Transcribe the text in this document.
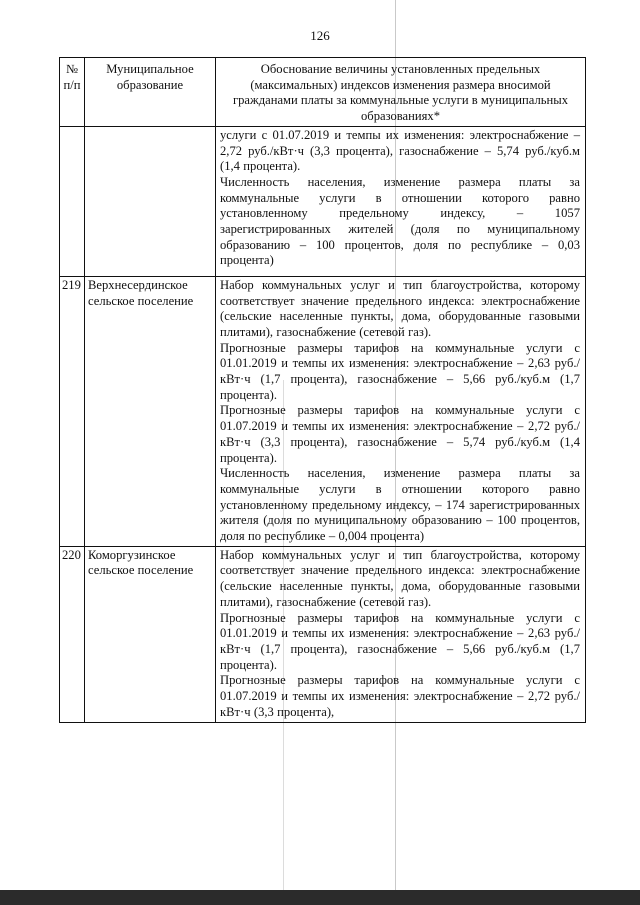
126
№ п/п	Муниципальное образование	Обоснование величины установленных предельных (максимальных) индексов изменения размера вносимой гражданами платы за коммунальные услуги в муниципальных образованиях*

		услуги с 01.07.2019 и темпы их изменения: электроснабжение – 2,72 руб./кВт·ч (3,3 процента), газоснабжение – 5,74 руб./куб.м (1,4 процента).
Численность населения, изменение размера платы за коммунальные услуги в отношении которого равно установленному предельному индексу, – 1057 зарегистрированных жителей (доля по муниципальному образованию – 100 процентов, доля по республике – 0,03 процента)

219	Верхнесердинское сельское поселение	Набор коммунальных услуг и тип благоустройства, которому соответствует значение предельного индекса: электроснабжение (сельские населенные пункты, дома, оборудованные газовыми плитами), газоснабжение (сетевой газ).
Прогнозные размеры тарифов на коммунальные услуги с 01.01.2019 и темпы их изменения: электроснабжение – 2,63 руб./кВт·ч (1,7 процента), газоснабжение – 5,66 руб./куб.м (1,7 процента).
Прогнозные размеры тарифов на коммунальные услуги с 01.07.2019 и темпы их изменения: электроснабжение – 2,72 руб./кВт·ч (3,3 процента), газоснабжение – 5,74 руб./куб.м (1,4 процента).
Численность населения, изменение размера платы за коммунальные услуги в отношении которого равно установленному предельному индексу, – 174 зарегистрированных жителя (доля по муниципальному образованию – 100 процентов, доля по республике – 0,004 процента)

220	Коморгузинское сельское поселение	Набор коммунальных услуг и тип благоустройства, которому соответствует значение предельного индекса: электроснабжение (сельские населенные пункты, дома, оборудованные газовыми плитами), газоснабжение (сетевой газ).
Прогнозные размеры тарифов на коммунальные услуги с 01.01.2019 и темпы их изменения: электроснабжение – 2,63 руб./кВт·ч (1,7 процента), газоснабжение – 5,66 руб./куб.м (1,7 процента).
Прогнозные размеры тарифов на коммунальные услуги с 01.07.2019 и темпы их изменения: электроснабжение – 2,72 руб./кВт·ч (3,3 процента),
